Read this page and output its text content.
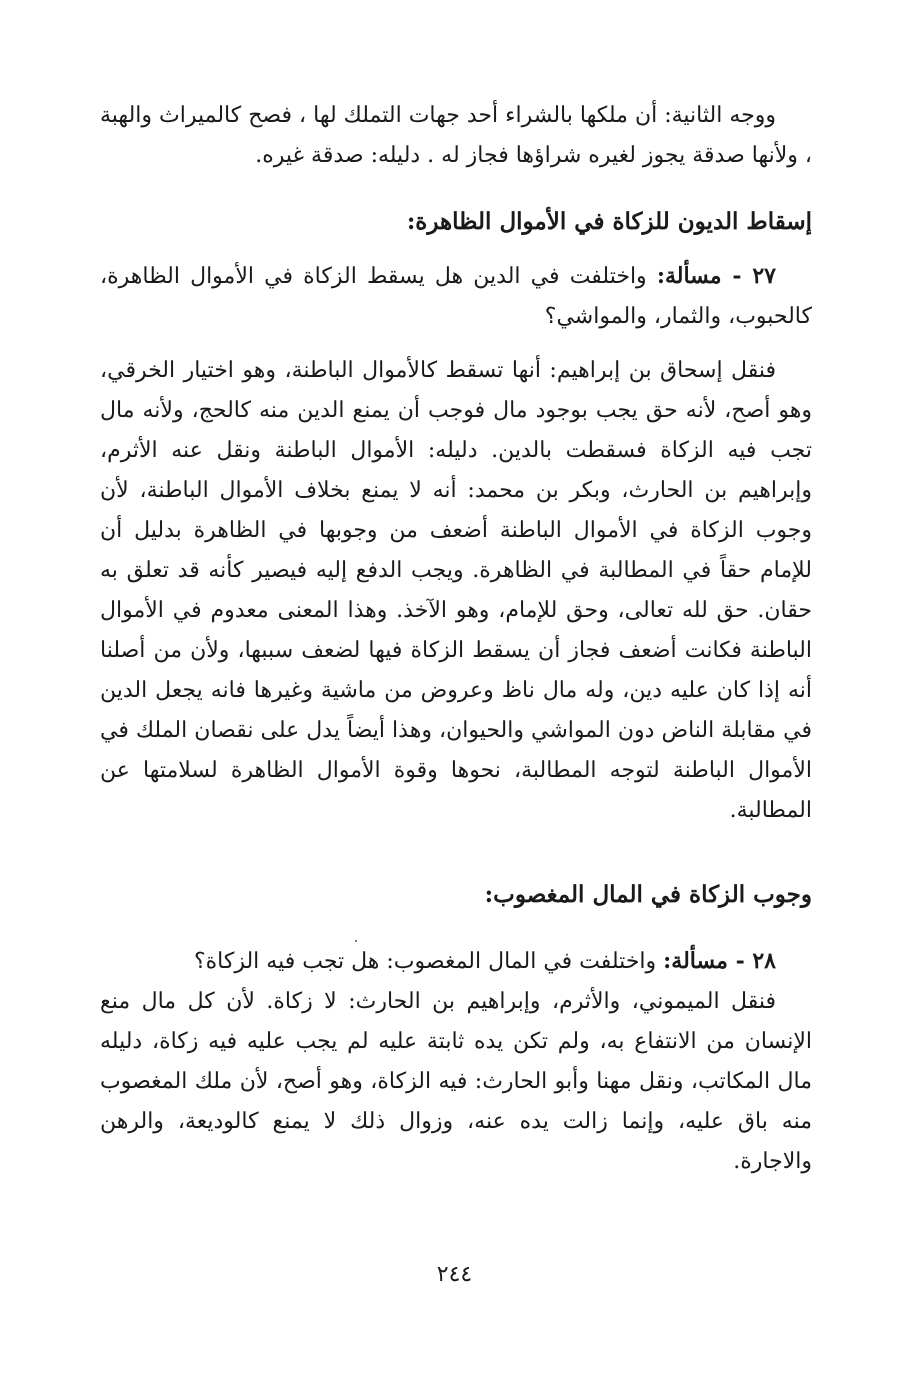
ووجه الثانية: أن ملكها بالشراء أحد جهات التملك لها ، فصح كالميراث والهبة ، ولأنها صدقة يجوز لغيره شراؤها فجاز له . دليله: صدقة غيره.

إسقاط الديون للزكاة في الأموال الظاهرة:

٢٧ - مسألة: واختلفت في الدين هل يسقط الزكاة في الأموال الظاهرة، كالحبوب، والثمار، والمواشي؟

فنقل إسحاق بن إبراهيم: أنها تسقط كالأموال الباطنة، وهو اختيار الخرقي، وهو أصح، لأنه حق يجب بوجود مال فوجب أن يمنع الدين منه كالحج، ولأنه مال تجب فيه الزكاة فسقطت بالدين. دليله: الأموال الباطنة ونقل عنه الأثرم، وإبراهيم بن الحارث، وبكر بن محمد: أنه لا يمنع بخلاف الأموال الباطنة، لأن وجوب الزكاة في الأموال الباطنة أضعف من وجوبها في الظاهرة بدليل أن للإمام حقاً في المطالبة في الظاهرة. ويجب الدفع إليه فيصير كأنه قد تعلق به حقان. حق لله تعالى، وحق للإمام، وهو الآخذ. وهذا المعنى معدوم في الأموال الباطنة فكانت أضعف فجاز أن يسقط الزكاة فيها لضعف سببها، ولأن من أصلنا أنه إذا كان عليه دين، وله مال ناظ وعروض من ماشية وغيرها فانه يجعل الدين في مقابلة الناض دون المواشي والحيوان، وهذا أيضاً يدل على نقصان الملك في الأموال الباطنة لتوجه المطالبة، نحوها وقوة الأموال الظاهرة لسلامتها عن المطالبة.

وجوب الزكاة في المال المغصوب:

٢٨ - مسألة: واختلفت في المال المغصوب: هل تجب فيه الزكاة؟

فنقل الميموني، والأثرم، وإبراهيم بن الحارث: لا زكاة. لأن كل مال منع الإنسان من الانتفاع به، ولم تكن يده ثابتة عليه لم يجب عليه فيه زكاة، دليله مال المكاتب، ونقل مهنا وأبو الحارث: فيه الزكاة، وهو أصح، لأن ملك المغصوب منه باق عليه، وإنما زالت يده عنه، وزوال ذلك لا يمنع كالوديعة، والرهن والاجارة.

٢٤٤
